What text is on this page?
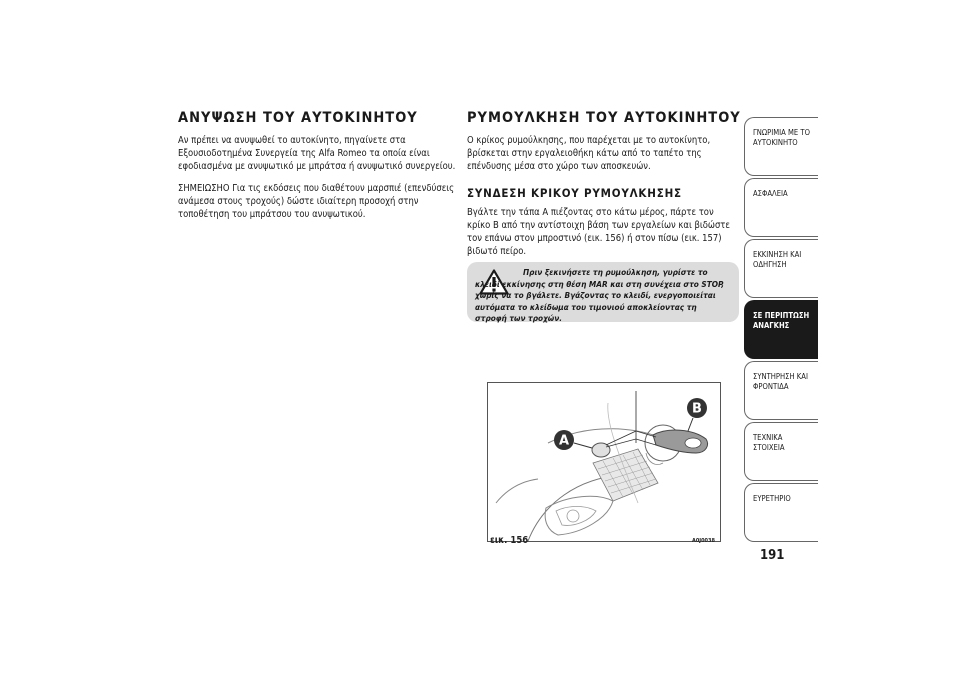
ΑΝΥΨΩΣΗ ΤΟΥ ΑΥΤΟΚΙΝΗΤΟΥ

Αν πρέπει να ανυψωθεί το αυτοκίνητο, πηγαίνετε στα Εξουσιοδοτημένα Συνεργεία της Alfa Romeo τα οποία είναι εφοδιασμένα με ανυψωτικό με μπράτσα ή ανυψωτικό συνεργείου.

ΣΗΜΕΙΩΣΗΟ Για τις εκδόσεις που διαθέτουν μαρσπιέ (επενδύσεις ανάμεσα στους τροχούς) δώστε ιδιαίτερη προσοχή στην τοποθέτηση του μπράτσου του ανυψωτικού.

ΡΥΜΟΥΛΚΗΣΗ ΤΟΥ ΑΥΤΟΚΙΝΗΤΟΥ

Ο κρίκος ρυμούλκησης, που παρέχεται με το αυτοκίνητο, βρίσκεται στην εργαλειοθήκη κάτω από το ταπέτο της επένδυσης μέσα στο χώρο των αποσκευών.

ΣΥΝΔΕΣΗ ΚΡΙΚΟΥ ΡΥΜΟΥΛΚΗΣΗΣ

Βγάλτε την τάπα A πιέζοντας στο κάτω μέρος, πάρτε τον κρίκο B από την αντίστοιχη βάση των εργαλείων και βιδώστε τον επάνω στον μπροστινό (εικ. 156) ή στον πίσω (εικ. 157) βιδωτό πείρο.

Πριν ξεκινήσετε τη ρυμούλκηση, γυρίστε το κλειδί εκκίνησης στη θέση MAR και στη συνέχεια στο STOP, χωρίς να το βγάλετε. Βγάζοντας το κλειδί, ενεργοποιείται αυτόματα το κλείδωμα του τιμονιού αποκλείοντας τη στροφή των τροχών.
B
A
εικ. 156	A0J0038
ΓΝΩΡΙΜΙΑ ΜΕ ΤΟ
ΑΥΤΟΚΙΝΗΤΟ
ΑΣΦΑΛΕΙΑ
ΕΚΚΙΝΗΣΗ ΚΑΙ
ΟΔΗΓΗΣΗ
ΣΕ ΠΕΡΙΠΤΩΣΗ
ΑΝΑΓΚΗΣ
ΣΥΝΤΗΡΗΣΗ ΚΑΙ
ΦΡΟΝΤΙΔΑ
ΤΕΧΝΙΚΑ ΣΤΟΙΧΕΙΑ
ΕΥΡΕΤΗΡΙΟ
191
